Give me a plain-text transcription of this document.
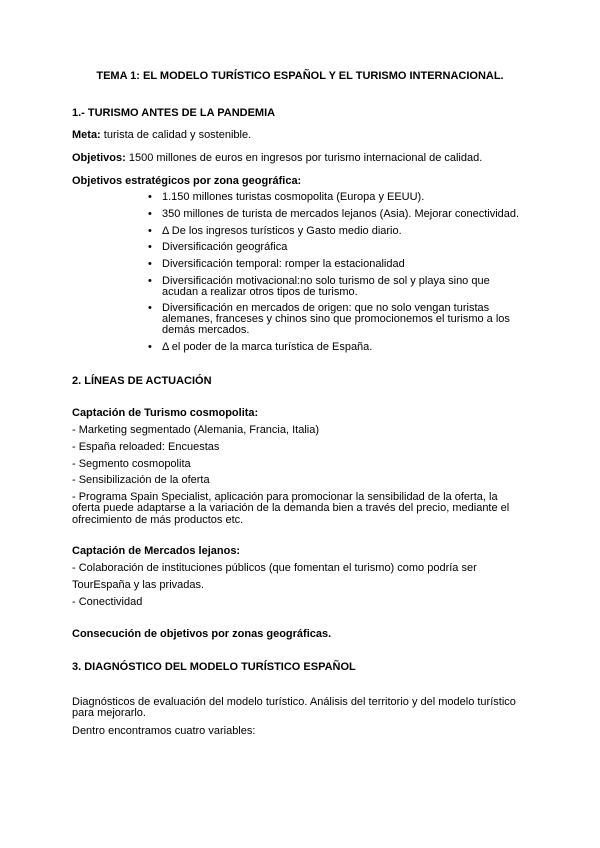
TEMA 1: EL MODELO TURÍSTICO ESPAÑOL Y EL TURISMO INTERNACIONAL.
1.- TURISMO ANTES DE LA PANDEMIA
Meta: turista de calidad y sostenible.
Objetivos: 1500 millones de euros en ingresos por turismo internacional de calidad.
Objetivos estratégicos por zona geográfica:
•
1.150 millones turistas cosmopolita (Europa y EEUU).
•
350 millones de turista de mercados lejanos (Asia). Mejorar conectividad.
•
Δ De los ingresos turísticos y Gasto medio diario.
•
Diversificación geográfica
•
Diversificación temporal: romper la estacionalidad
•
Diversificación motivacional:no solo turismo de sol y playa sino que
acudan a realizar otros tipos de turismo.
•
Diversificación en mercados de origen: que no solo vengan turistas
alemanes, franceses y chinos sino que promocionemos el turismo a los
demás mercados.
•
Δ el poder de la marca turística de España.
2. LÍNEAS DE ACTUACIÓN
Captación de Turismo cosmopolita:
- Marketing segmentado (Alemania, Francia, Italia)
- España reloaded: Encuestas
- Segmento cosmopolita
- Sensibilización de la oferta
- Programa Spain Specialist, aplicación para promocionar la sensibilidad de la oferta, la
oferta puede adaptarse a la variación de la demanda bien a través del precio, mediante el
ofrecimiento de más productos etc.
Captación de Mercados lejanos:
- Colaboración de instituciones públicos (que fomentan el turismo) como podría ser
TourEspaña y las privadas.
- Conectividad
Consecución de objetivos por zonas geográficas.
3. DIAGNÓSTICO DEL MODELO TURÍSTICO ESPAÑOL
Diagnósticos de evaluación del modelo turístico. Análisis del territorio y del modelo turístico
para mejorarlo.
Dentro encontramos cuatro variables:
